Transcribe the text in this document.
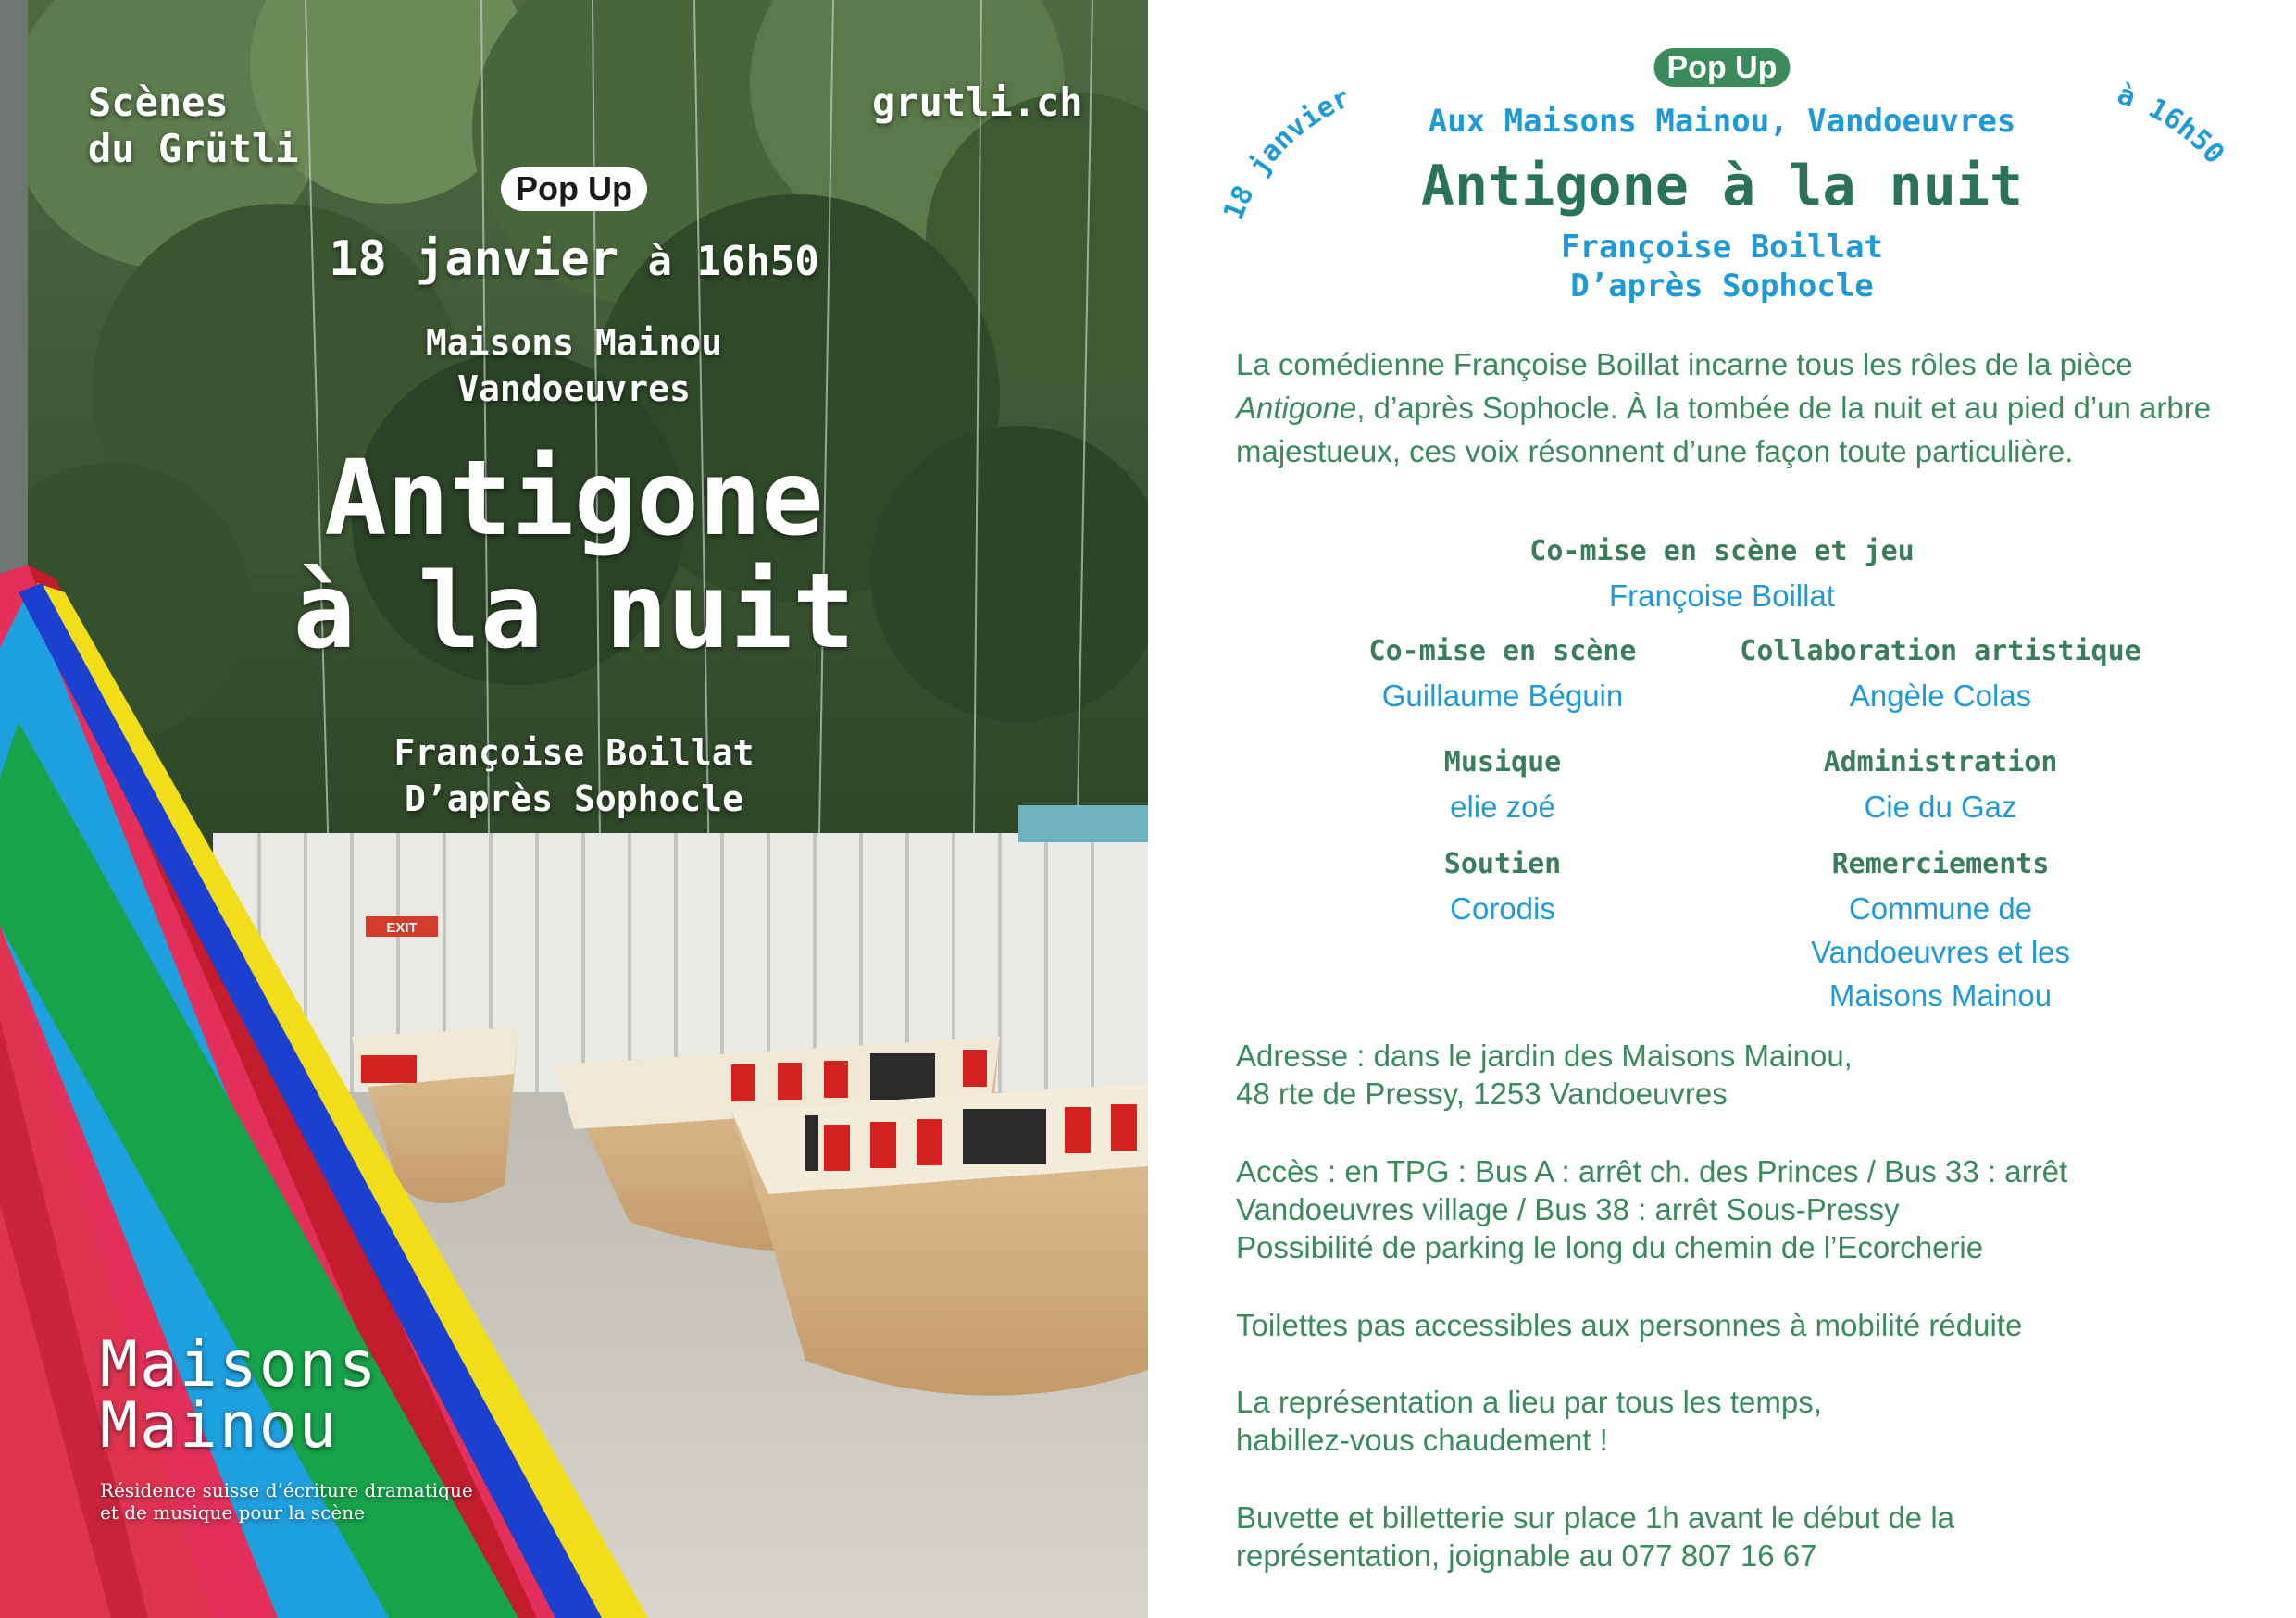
EXIT
Scènes
du Grütli
grutli.ch
Pop Up
18 janvier à 16h50
Maisons Mainou
Vandoeuvres
Antigone
à la nuit
Françoise Boillat
D’après Sophocle
Maisons
Mainou
Résidence suisse d’écriture dramatique
et de musique pour la scène
Pop Up
18 janvier	à 16h50
Aux Maisons Mainou, Vandoeuvres
Antigone à la nuit
Françoise Boillat
D’après Sophocle

La comédienne Françoise Boillat incarne tous les rôles de la pièce Antigone, d’après Sophocle. À la tombée de la nuit et au pied d’un arbre majestueux, ces voix résonnent d’une façon toute particulière.

Co-mise en scène et jeu
Françoise Boillat
Co-mise en scène
Guillaume Béguin
Collaboration artistique
Angèle Colas
Musique
elie zoé
Administration
Cie du Gaz
Soutien
Corodis
Remerciements
Commune de Vandoeuvres et les Maisons Mainou
Adresse : dans le jardin des Maisons Mainou,
48 rte de Pressy, 1253 Vandoeuvres
Accès : en TPG : Bus A : arrêt ch. des Princes / Bus 33 : arrêt
Vandoeuvres village / Bus 38 : arrêt Sous-Pressy
Possibilité de parking le long du chemin de l’Ecorcherie
Toilettes pas accessibles aux personnes à mobilité réduite
La représentation a lieu par tous les temps,
habillez-vous chaudement !
Buvette et billetterie sur place 1h avant le début de la
représentation, joignable au 077 807 16 67
